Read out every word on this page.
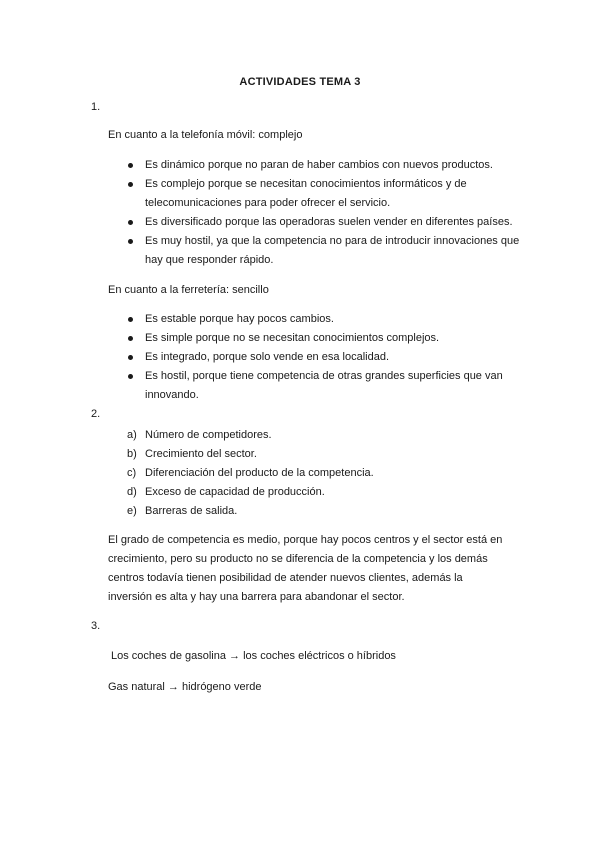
ACTIVIDADES TEMA 3
1.
En cuanto a la telefonía móvil: complejo
Es dinámico porque no paran de haber cambios con nuevos productos.
Es complejo porque se necesitan conocimientos informáticos y de telecomunicaciones para poder ofrecer el servicio.
Es diversificado porque las operadoras suelen vender en diferentes países.
Es muy hostil, ya que la competencia no para de introducir innovaciones que hay que responder rápido.
En cuanto a la ferretería: sencillo
Es estable porque hay pocos cambios.
Es simple porque no se necesitan conocimientos complejos.
Es integrado, porque solo vende en esa localidad.
Es hostil, porque tiene competencia de otras grandes superficies que van innovando.
2.
a) Número de competidores.
b) Crecimiento del sector.
c) Diferenciación del producto de la competencia.
d) Exceso de capacidad de producción.
e) Barreras de salida.
El grado de competencia es medio, porque hay pocos centros y el sector está en crecimiento, pero su producto no se diferencia de la competencia y los demás centros todavía tienen posibilidad de atender nuevos clientes, además la inversión es alta y hay una barrera para abandonar el sector.
3.
Los coches de gasolina → los coches eléctricos o híbridos
Gas natural → hidrógeno verde
